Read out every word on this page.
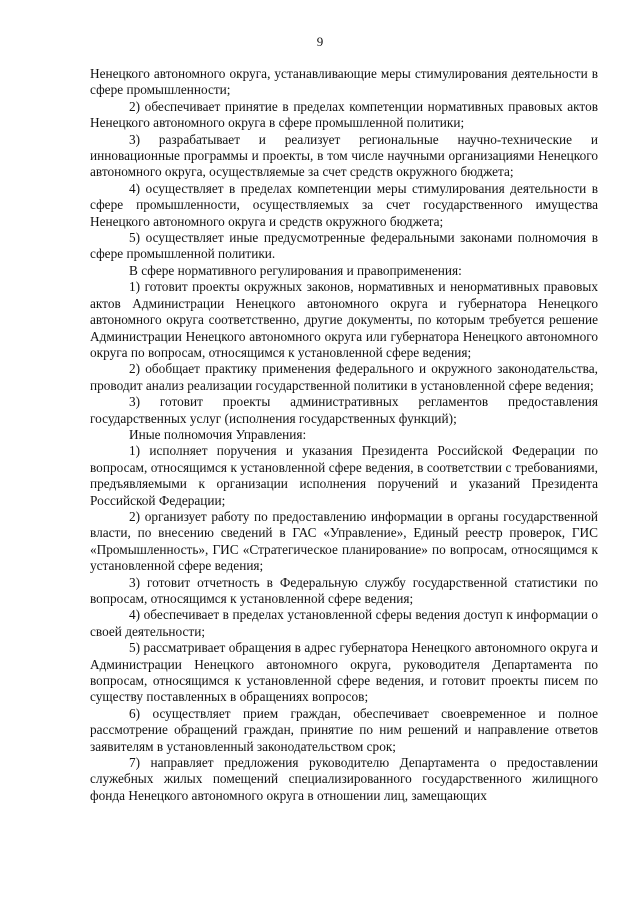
9

Ненецкого автономного округа, устанавливающие меры стимулирования деятельности в сфере промышленности;

2) обеспечивает принятие в пределах компетенции нормативных правовых актов Ненецкого автономного округа в сфере промышленной политики;

3) разрабатывает и реализует региональные научно-технические и инновационные программы и проекты, в том числе научными организациями Ненецкого автономного округа, осуществляемые за счет средств окружного бюджета;

4) осуществляет в пределах компетенции меры стимулирования деятельности в сфере промышленности, осуществляемых за счет государственного имущества Ненецкого автономного округа и средств окружного бюджета;

5) осуществляет иные предусмотренные федеральными законами полномочия в сфере промышленной политики.

В сфере нормативного регулирования и правоприменения:

1) готовит проекты окружных законов, нормативных и ненормативных правовых актов Администрации Ненецкого автономного округа и губернатора Ненецкого автономного округа соответственно, другие документы, по которым требуется решение Администрации Ненецкого автономного округа или губернатора Ненецкого автономного округа по вопросам, относящимся к установленной сфере ведения;

2) обобщает практику применения федерального и окружного законодательства, проводит анализ реализации государственной политики в установленной сфере ведения;

3) готовит проекты административных регламентов предоставления государственных услуг (исполнения государственных функций);

Иные полномочия Управления:

1) исполняет поручения и указания Президента Российской Федерации по вопросам, относящимся к установленной сфере ведения, в соответствии с требованиями, предъявляемыми к организации исполнения поручений и указаний Президента Российской Федерации;

2) организует работу по предоставлению информации в органы государственной власти, по внесению сведений в ГАС «Управление», Единый реестр проверок, ГИС «Промышленность», ГИС «Стратегическое планирование» по вопросам, относящимся к установленной сфере ведения;

3) готовит отчетность в Федеральную службу государственной статистики по вопросам, относящимся к установленной сфере ведения;

4) обеспечивает в пределах установленной сферы ведения доступ к информации о своей деятельности;

5) рассматривает обращения в адрес губернатора Ненецкого автономного округа и Администрации Ненецкого автономного округа, руководителя Департамента по вопросам, относящимся к установленной сфере ведения, и готовит проекты писем по существу поставленных в обращениях вопросов;

6) осуществляет прием граждан, обеспечивает своевременное и полное рассмотрение обращений граждан, принятие по ним решений и направление ответов заявителям в установленный законодательством срок;

7) направляет предложения руководителю Департамента о предоставлении служебных жилых помещений специализированного государственного жилищного фонда Ненецкого автономного округа в отношении лиц, замещающих
